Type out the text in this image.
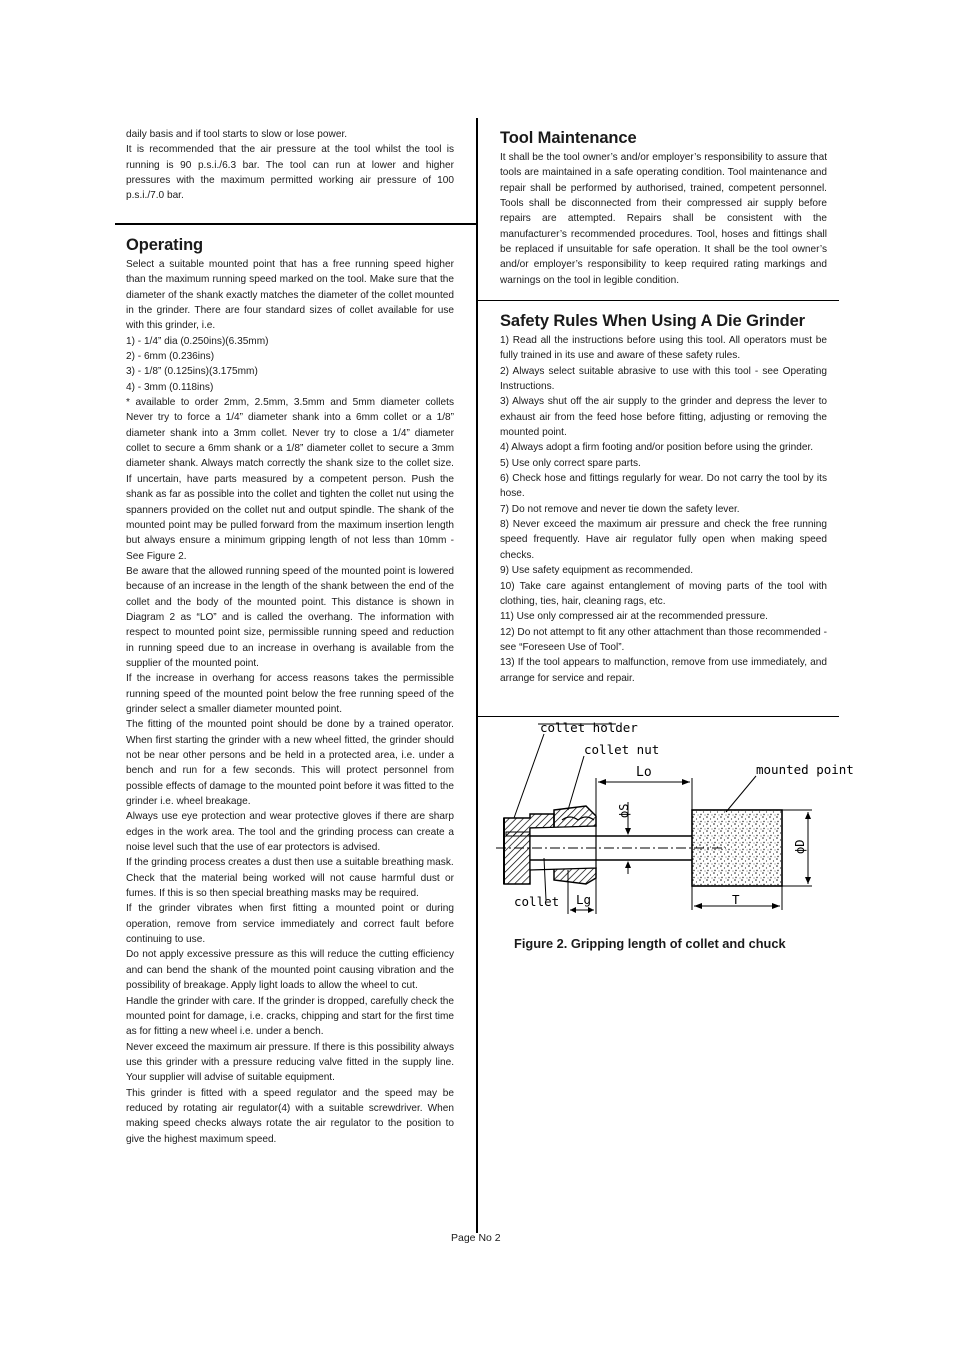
daily basis and if tool starts to slow or lose power.

It is recommended that the air pressure at the tool whilst the tool is running is 90 p.s.i./6.3 bar. The tool can run at lower and higher pressures with the maximum permitted working air pressure of 100 p.s.i./7.0 bar.

Operating

Select a suitable mounted point that has a free running speed higher than the maximum running speed marked on the tool. Make sure that the diameter of the shank exactly matches the diameter of the collet mounted in the grinder. There are four standard sizes of collet available for use with this grinder, i.e.

1) - 1/4” dia (0.250ins)(6.35mm)

2) - 6mm (0.236ins)

3) - 1/8” (0.125ins)(3.175mm)

4) - 3mm (0.118ins)

* available to order 2mm, 2.5mm, 3.5mm and 5mm diameter collets Never try to force a 1/4” diameter shank into a 6mm collet or a 1/8” diameter shank into a 3mm collet. Never try to close a 1/4” diameter collet to secure a 6mm shank or a 1/8” diameter collet to secure a 3mm diameter shank. Always match correctly the shank size to the collet size. If uncertain, have parts measured by a competent person. Push the shank as far as possible into the collet and tighten the collet nut using the spanners provided on the collet nut and output spindle. The shank of the mounted point may be pulled forward from the maximum insertion length but always ensure a minimum gripping length of not less than 10mm - See Figure 2.

Be aware that the allowed running speed of the mounted point is lowered because of an increase in the length of the shank between the end of the collet and the body of the mounted point. This distance is shown in Diagram 2 as “LO” and is called the overhang. The information with respect to mounted point size, permissible running speed and reduction in running speed due to an increase in overhang is available from the supplier of the mounted point.

If the increase in overhang for access reasons takes the permissible running speed of the mounted point below the free running speed of the grinder select a smaller diameter mounted point.

The fitting of the mounted point should be done by a trained operator. When first starting the grinder with a new wheel fitted, the grinder should not be near other persons and be held in a protected area, i.e. under a bench and run for a few seconds. This will protect personnel from possible effects of damage to the mounted point before it was fitted to the grinder i.e. wheel breakage.

Always use eye protection and wear protective gloves if there are sharp edges in the work area. The tool and the grinding process can create a noise level such that the use of ear protectors is advised.

If the grinding process creates a dust then use a suitable breathing mask.

Check that the material being worked will not cause harmful dust or fumes. If this is so then special breathing masks may be required.

If the grinder vibrates when first fitting a mounted point or during operation, remove from service immediately and correct fault before continuing to use.

Do not apply excessive pressure as this will reduce the cutting efficiency and can bend the shank of the mounted point causing vibration and the possibility of breakage. Apply light loads to allow the wheel to cut.

Handle the grinder with care. If the grinder is dropped, carefully check the mounted point for damage, i.e. cracks, chipping and start for the first time as for fitting a new wheel i.e. under a bench.

Never exceed the maximum air pressure. If there is this possibility always use this grinder with a pressure reducing valve fitted in the supply line. Your supplier will advise of suitable equipment.

This grinder is fitted with a speed regulator and the speed may be reduced by rotating air regulator(4) with a suitable screwdriver. When making speed checks always rotate the air regulator to the position to give the highest maximum speed.

Tool Maintenance

It shall be the tool owner’s and/or employer’s responsibility to assure that tools are maintained in a safe operating condition. Tool maintenance and repair shall be performed by authorised, trained, competent personnel. Tools shall be disconnected from their compressed air supply before repairs are attempted. Repairs shall be consistent with the manufacturer’s recommended procedures. Tool, hoses and fittings shall be replaced if unsuitable for safe operation. It shall be the tool owner’s and/or employer’s responsibility to keep required rating markings and warnings on the tool in legible condition.

Safety Rules When Using A Die Grinder

1) Read all the instructions before using this tool. All operators must be fully trained in its use and aware of these safety rules.

2) Always select suitable abrasive to use with this tool - see Operating Instructions.

3) Always shut off the air supply to the grinder and depress the lever to exhaust air from the feed hose before fitting, adjusting or removing the mounted point.

4) Always adopt a firm footing and/or position before using the grinder.

5) Use only correct spare parts.

6) Check hose and fittings regularly for wear. Do not carry the tool by its hose.

7) Do not remove and never tie down the safety lever.

8) Never exceed the maximum air pressure and check the free running speed frequently. Have air regulator fully open when making speed checks.

9) Use safety equipment as recommended.

10) Take care against entanglement of moving parts of the tool with clothing, ties, hair, cleaning rags, etc.

11) Use only compressed air at the recommended pressure.

12) Do not attempt to fit any other attachment than those recommended - see “Foreseen Use of Tool”.

13) If the tool appears to malfunction, remove from use immediately, and arrange for service and repair.

collet holder
collet nut
Lo	mounted point
ϕS
ϕD
collet Lg	T
Figure 2. Gripping length of collet and chuck
Page No 2
